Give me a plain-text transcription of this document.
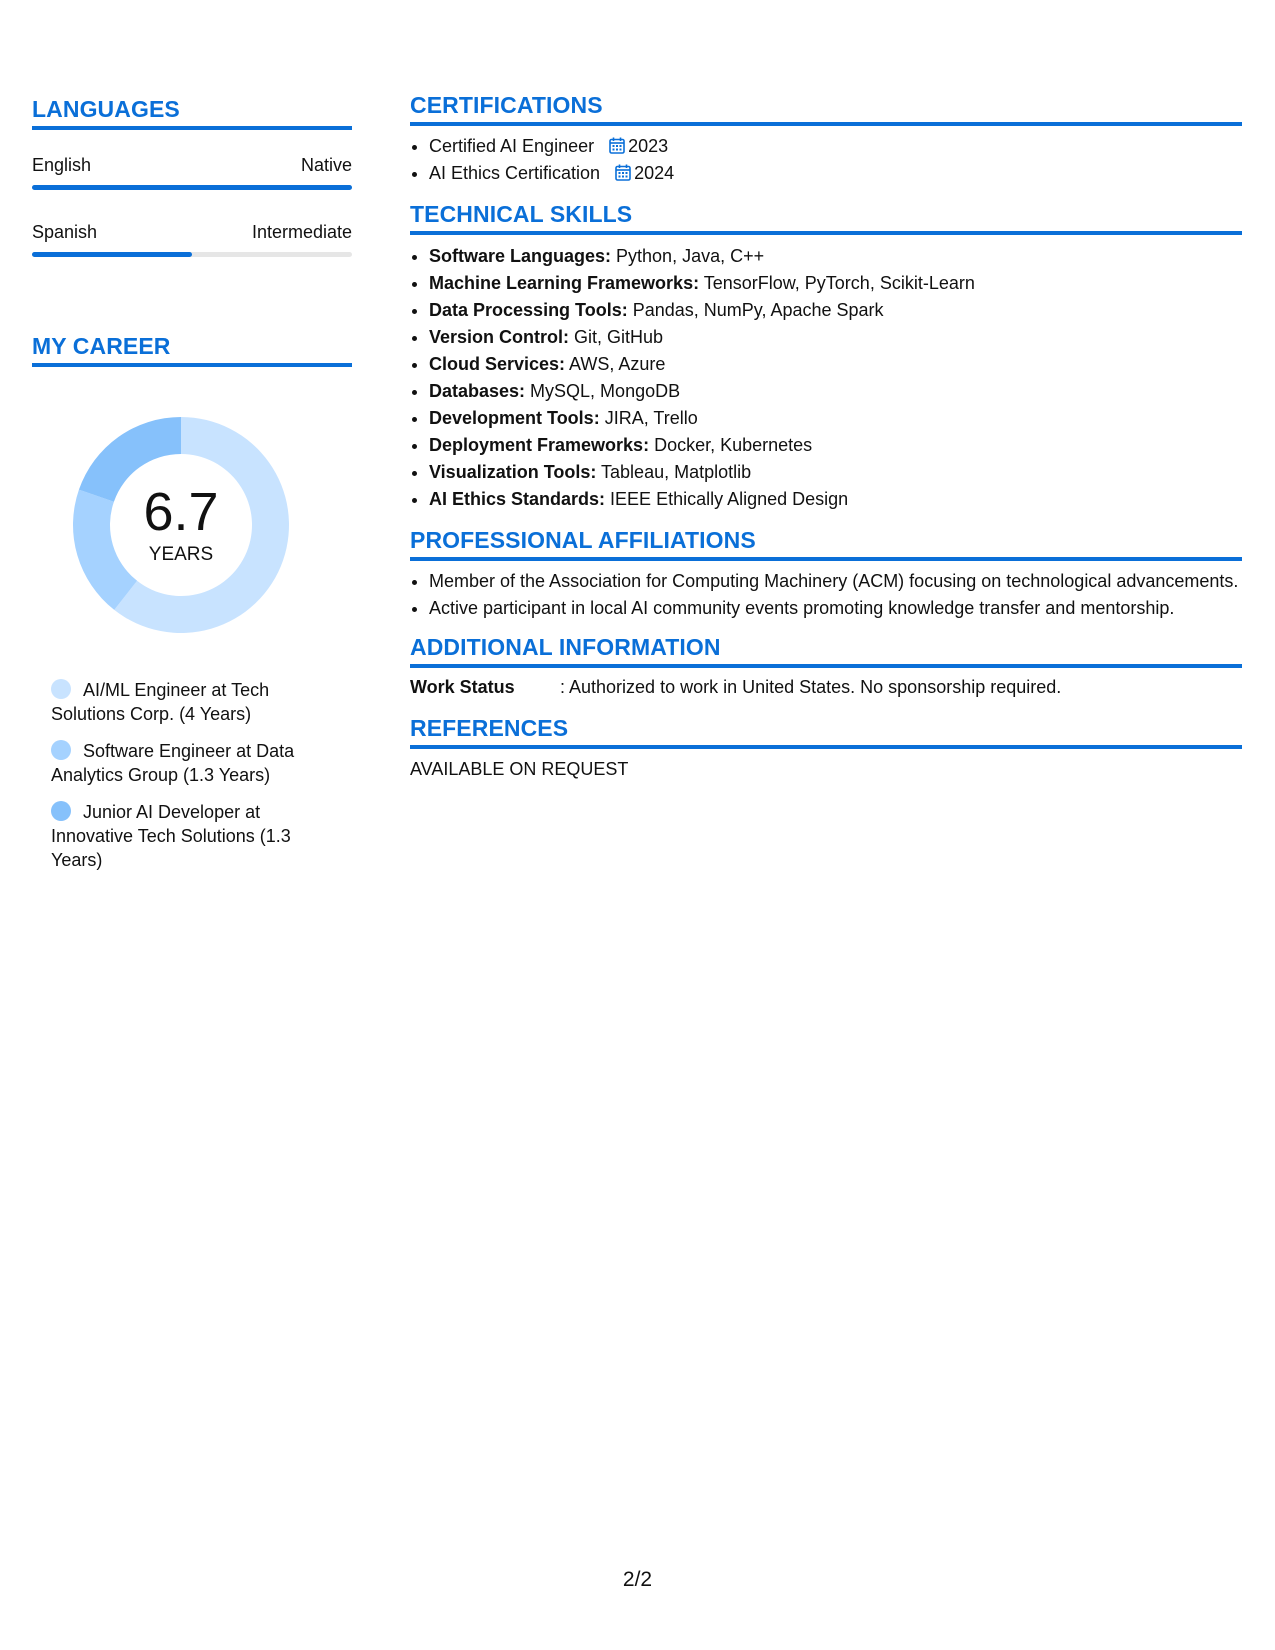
LANGUAGES
English	Native
Spanish	Intermediate
MY CAREER
6.7
YEARS
AI/ML Engineer at Tech Solutions Corp. (4 Years)
Software Engineer at Data Analytics Group (1.3 Years)
Junior AI Developer at Innovative Tech Solutions (1.3 Years)
CERTIFICATIONS
• Certified AI Engineer 2023
• AI Ethics Certification 2024
TECHNICAL SKILLS
• Software Languages: Python, Java, C++
• Machine Learning Frameworks: TensorFlow, PyTorch, Scikit-Learn
• Data Processing Tools: Pandas, NumPy, Apache Spark
• Version Control: Git, GitHub
• Cloud Services: AWS, Azure
• Databases: MySQL, MongoDB
• Development Tools: JIRA, Trello
• Deployment Frameworks: Docker, Kubernetes
• Visualization Tools: Tableau, Matplotlib
• AI Ethics Standards: IEEE Ethically Aligned Design
PROFESSIONAL AFFILIATIONS
• Member of the Association for Computing Machinery (ACM) focusing on technological advancements.
• Active participant in local AI community events promoting knowledge transfer and mentorship.
ADDITIONAL INFORMATION
Work Status	: Authorized to work in United States. No sponsorship required.
REFERENCES
AVAILABLE ON REQUEST
2/2
